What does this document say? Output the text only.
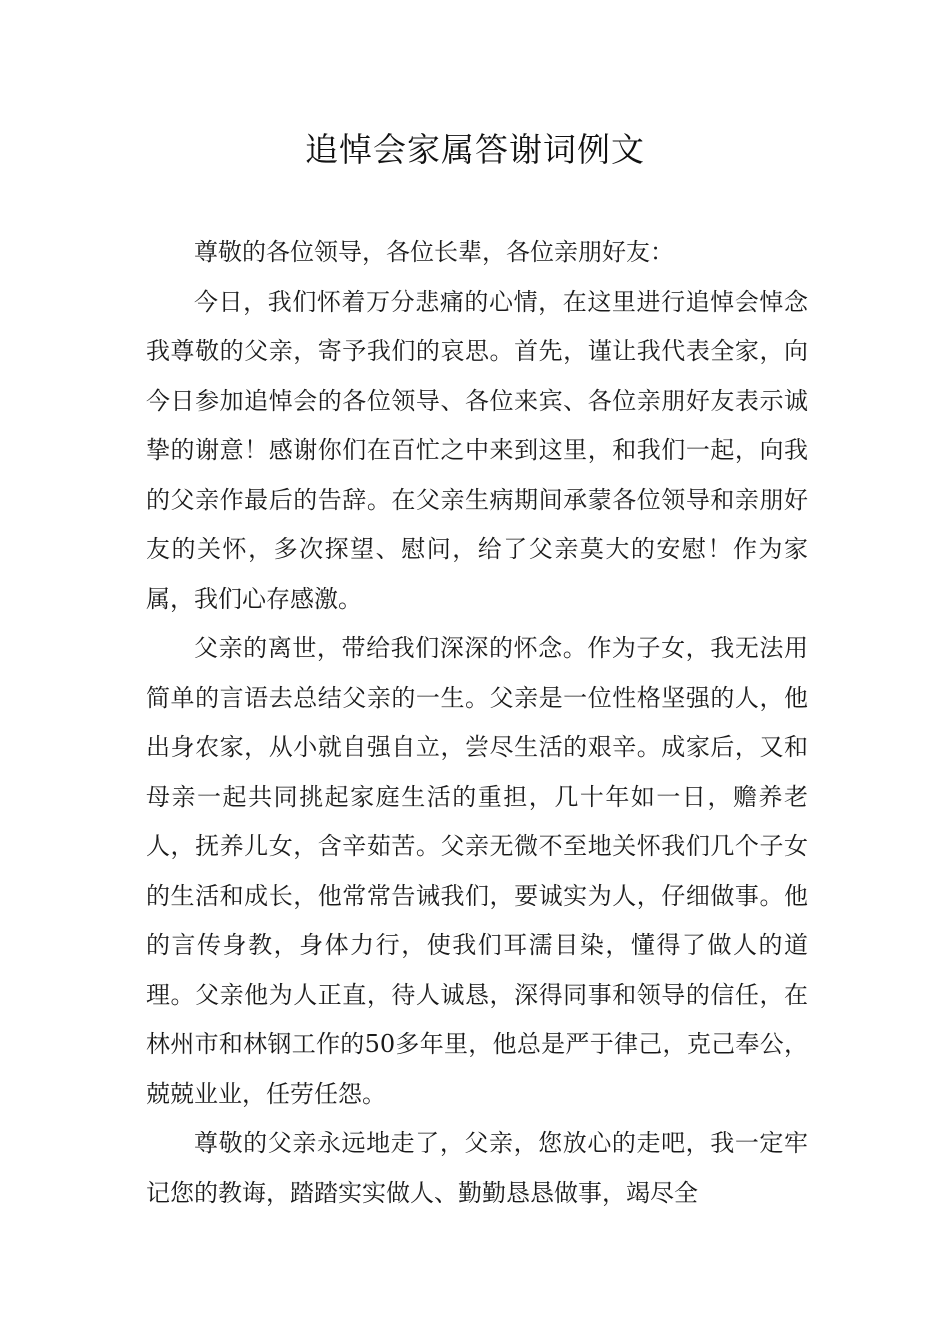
追悼会家属答谢词例文

尊敬的各位领导，各位长辈，各位亲朋好友：

今日，我们怀着万分悲痛的心情，在这里进行追悼会悼念我尊敬的父亲，寄予我们的哀思。首先，谨让我代表全家，向今日参加追悼会的各位领导、各位来宾、各位亲朋好友表示诚挚的谢意！感谢你们在百忙之中来到这里，和我们一起，向我的父亲作最后的告辞。在父亲生病期间承蒙各位领导和亲朋好友的关怀，多次探望、慰问，给了父亲莫大的安慰！作为家属，我们心存感激。

父亲的离世，带给我们深深的怀念。作为子女，我无法用简单的言语去总结父亲的一生。父亲是一位性格坚强的人，他出身农家，从小就自强自立，尝尽生活的艰辛。成家后，又和母亲一起共同挑起家庭生活的重担，几十年如一日，赡养老人，抚养儿女，含辛茹苦。父亲无微不至地关怀我们几个子女的生活和成长，他常常告诫我们，要诚实为人，仔细做事。他的言传身教，身体力行，使我们耳濡目染，懂得了做人的道理。父亲他为人正直，待人诚恳，深得同事和领导的信任，在林州市和林钢工作的50多年里，他总是严于律己，克己奉公，兢兢业业，任劳任怨。

尊敬的父亲永远地走了，父亲，您放心的走吧，我一定牢记您的教诲，踏踏实实做人、勤勤恳恳做事，竭尽全
